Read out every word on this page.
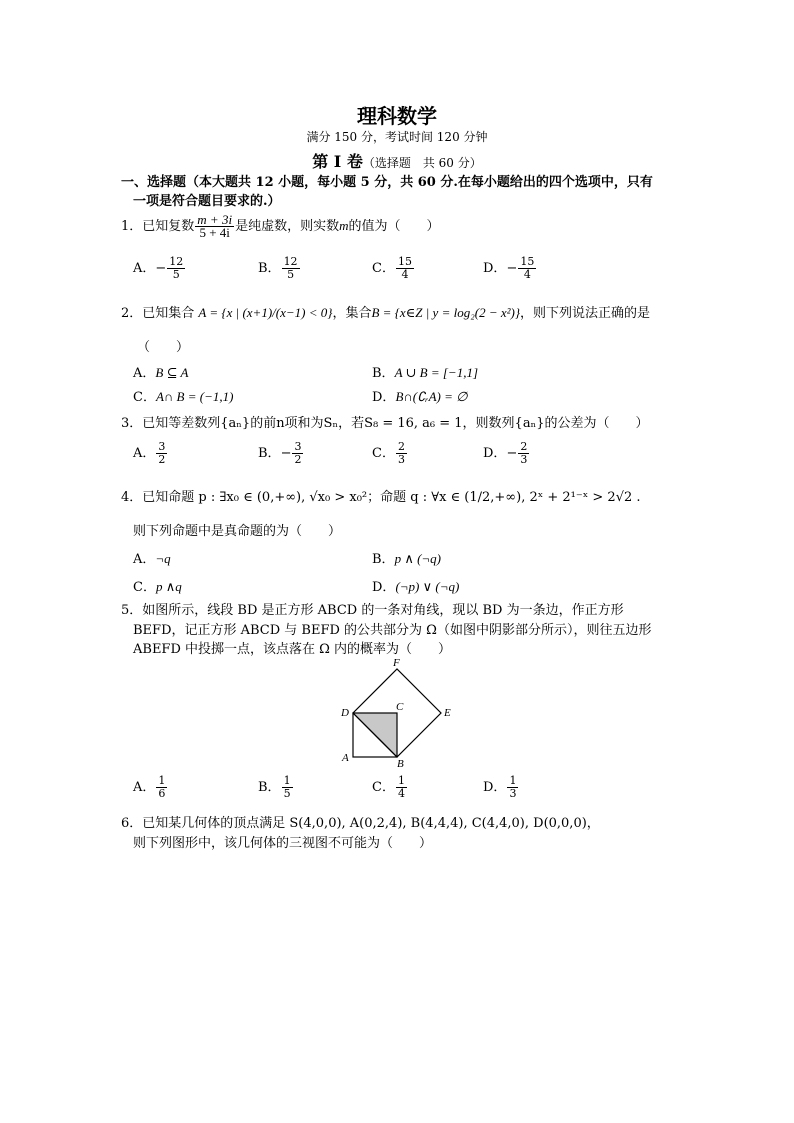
理科数学
满分 150 分，考试时间 120 分钟
第 I 卷（选择题　共 60 分）
一、选择题（本大题共 12 小题，每小题 5 分，共 60 分.在每小题给出的四个选项中，只有
一项是符合题目要求的.）
1．已知复数 $\frac{m + 3i}{5 + 4i}$ 是纯虚数，则实数m的值为（　　）
A．− $\frac{12}{5}$	B． $\frac{12}{5}$	C． $\frac{15}{4}$	D．− $\frac{15}{4}$
2．已知集合 A = {x | (x+1)/(x−1) < 0}，集合B = {x∈Z | y = log₂(2 − x²)}，则下列说法正确的是
（　　）
A．B ⊆ A	B．A ∪ B = [−1,1]
C．A∩ B = (−1,1)	D．B∩(∁ᵣA) = ∅
3．已知等差数列{aₙ}的前n项和为Sₙ，若S₈ = 16, a₆ = 1，则数列{aₙ}的公差为（　　）
A． $\frac{3}{2}$	B．− $\frac{3}{2}$	C． $\frac{2}{3}$	D．− $\frac{2}{3}$
4．已知命题 p : ∃x₀ ∈ (0,+∞), √x₀ > x₀²；命题 q : ∀x ∈ (1/2,+∞), 2ˣ + 2¹⁻ˣ > 2√2 .
则下列命题中是真命题的为（　　）
A．¬q	B．p ∧ (¬q)
C．p ∧q	D．(¬p) ∨ (¬q)
5．如图所示，线段 BD 是正方形 ABCD 的一条对角线，现以 BD 为一条边，作正方形
BEFD，记正方形 ABCD 与 BEFD 的公共部分为 Ω（如图中阴影部分所示），则往五边形
ABEFD 中投掷一点，该点落在 Ω 内的概率为（　　）
F
D	C	E
A	B
A． $\frac{1}{6}$	B． $\frac{1}{5}$	C． $\frac{1}{4}$	D． $\frac{1}{3}$
6．已知某几何体的顶点满足 S(4,0,0), A(0,2,4), B(4,4,4), C(4,4,0), D(0,0,0)，
则下列图形中，该几何体的三视图不可能为（　　）
